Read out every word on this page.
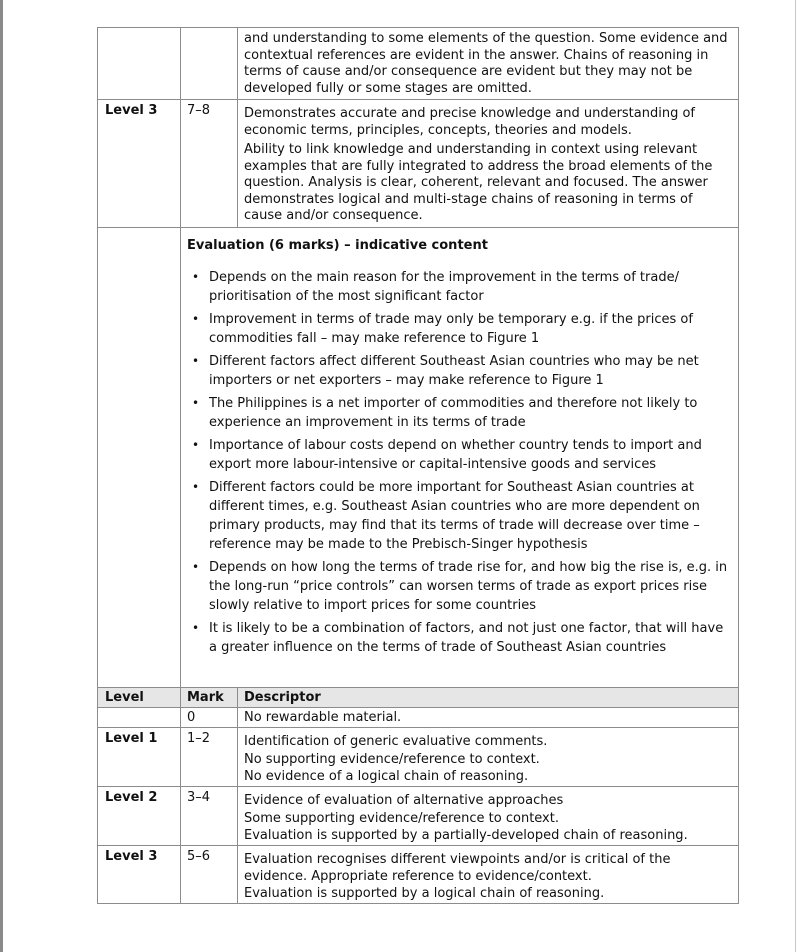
		and understanding to some elements of the question. Some evidence and contextual references are evident in the answer. Chains of reasoning in terms of cause and/or consequence are evident but they may not be developed fully or some stages are omitted.

Level 3	7–8	Demonstrates accurate and precise knowledge and understanding of economic terms, principles, concepts, theories and models.

Ability to link knowledge and understanding in context using relevant examples that are fully integrated to address the broad elements of the question. Analysis is clear, coherent, relevant and focused. The answer demonstrates logical and multi-stage chains of reasoning in terms of cause and/or consequence.

Evaluation (6 marks) – indicative content
• Depends on the main reason for the improvement in the terms of trade/ prioritisation of the most significant factor
• Improvement in terms of trade may only be temporary e.g. if the prices of commodities fall – may make reference to Figure 1
• Different factors affect different Southeast Asian countries who may be net importers or net exporters – may make reference to Figure 1
• The Philippines is a net importer of commodities and therefore not likely to experience an improvement in its terms of trade
• Importance of labour costs depend on whether country tends to import and export more labour-intensive or capital-intensive goods and services
• Different factors could be more important for Southeast Asian countries at different times, e.g. Southeast Asian countries who are more dependent on primary products, may find that its terms of trade will decrease over time – reference may be made to the Prebisch-Singer hypothesis
• Depends on how long the terms of trade rise for, and how big the rise is, e.g. in the long-run “price controls” can worsen terms of trade as export prices rise slowly relative to import prices for some countries
• It is likely to be a combination of factors, and not just one factor, that will have a greater influence on the terms of trade of Southeast Asian countries

Level	Mark	Descriptor
	0	No rewardable material.

Level 1	1–2	Identification of generic evaluative comments.

No supporting evidence/reference to context.

No evidence of a logical chain of reasoning.

Level 2	3–4	Evidence of evaluation of alternative approaches

Some supporting evidence/reference to context.

Evaluation is supported by a partially-developed chain of reasoning.

Level 3	5–6	Evaluation recognises different viewpoints and/or is critical of the evidence. Appropriate reference to evidence/context.

Evaluation is supported by a logical chain of reasoning.
